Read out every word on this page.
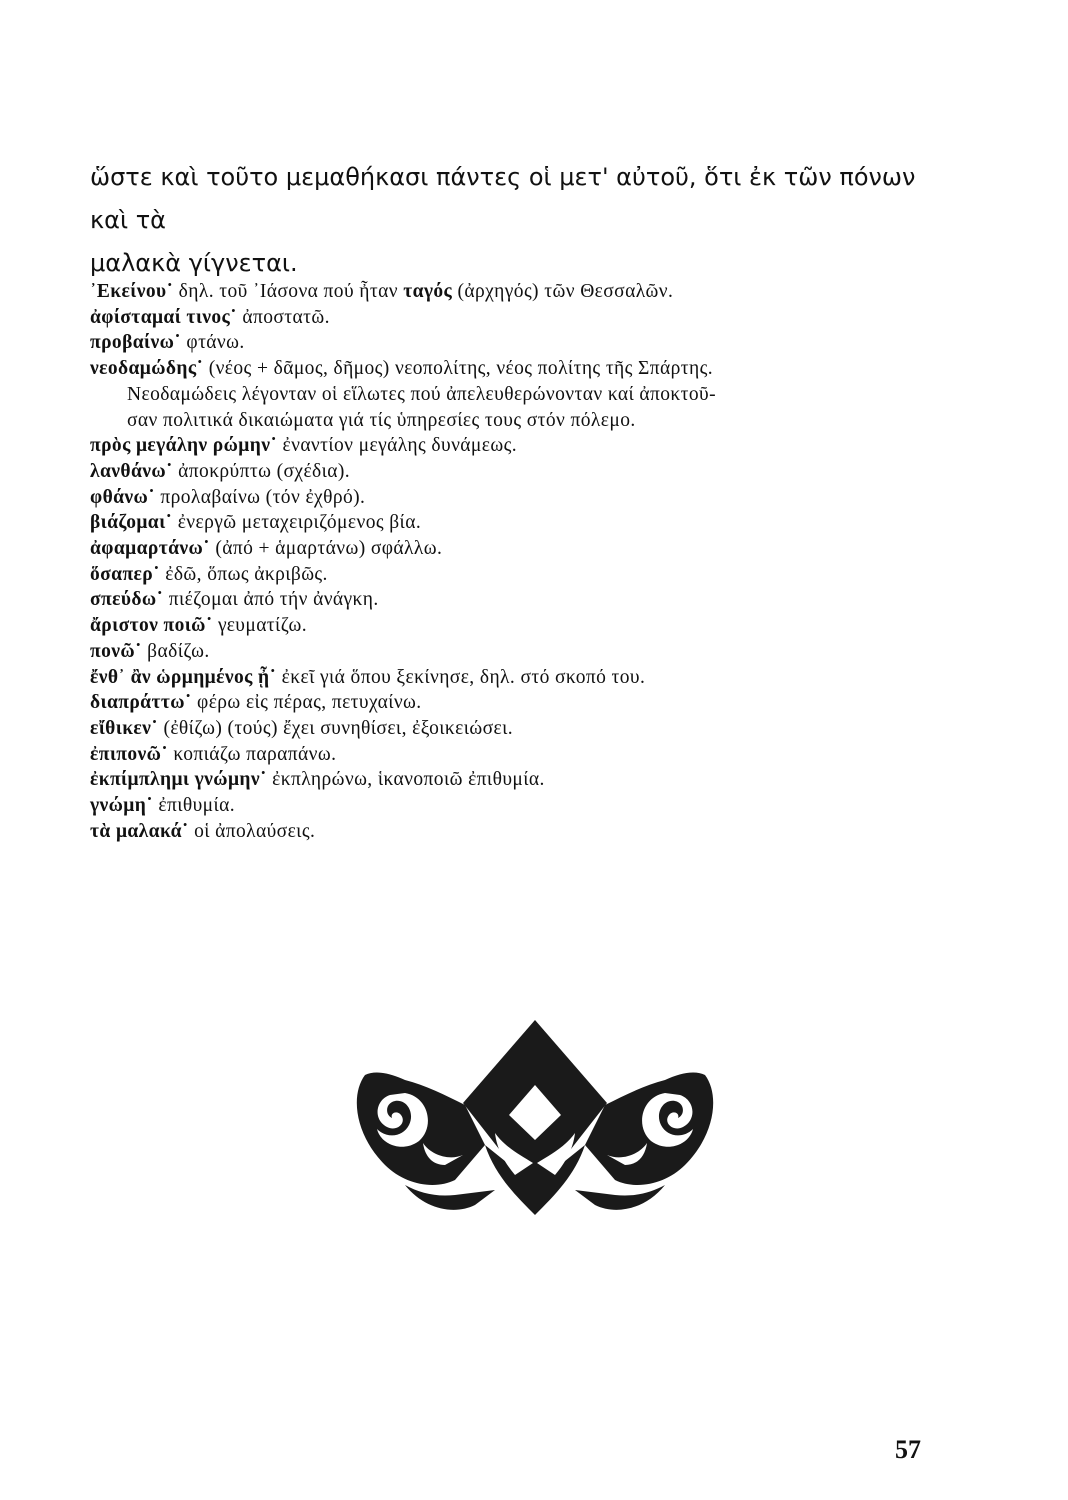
ὥστε καὶ τοῦτο μεμαθήκασι πάντες οἱ μετ' αὐτοῦ, ὅτι ἐκ τῶν πόνων καὶ τὰ
μαλακὰ γίγνεται.
᾿Εκείνου˙ δηλ. τοῦ ᾿Ιάσονα πού ἦταν ταγός (ἀρχηγός) τῶν Θεσσαλῶν.
ἀφίσταμαί τινος˙ ἀποστατῶ.
προβαίνω˙ φτάνω.
νεοδαμώδης˙ (νέος + δᾶμος, δῆμος) νεοπολίτης, νέος πολίτης τῆς Σπάρτης.
Νεοδαμώδεις λέγονταν οἱ εἵλωτες πού ἀπελευθερώνονταν καί ἀποκτοῦ-
σαν πολιτικά δικαιώματα γιά τίς ὑπηρεσίες τους στόν πόλεμο.
πρὸς μεγάλην ρώμην˙ ἐναντίον μεγάλης δυνάμεως.
λανθάνω˙ ἀποκρύπτω (σχέδια).
φθάνω˙ προλαβαίνω (τόν ἐχθρό).
βιάζομαι˙ ἐνεργῶ μεταχειριζόμενος βία.
ἀφαμαρτάνω˙ (ἀπό + ἁμαρτάνω) σφάλλω.
ὅσαπερ˙ ἐδῶ, ὅπως ἀκριβῶς.
σπεύδω˙ πιέζομαι ἀπό τήν ἀνάγκη.
ἄριστον ποιῶ˙ γευματίζω.
πονῶ˙ βαδίζω.
ἔνθ᾿ ἂν ὡρμημένος ᾖ˙ ἐκεῖ γιά ὅπου ξεκίνησε, δηλ. στό σκοπό του.
διαπράττω˙ φέρω εἰς πέρας, πετυχαίνω.
εἴθικεν˙ (ἐθίζω) (τούς) ἔχει συνηθίσει, ἐξοικειώσει.
ἐπιπονῶ˙ κοπιάζω παραπάνω.
ἐκπίμπλημι γνώμην˙ ἐκπληρώνω, ἱκανοποιῶ ἐπιθυμία.
γνώμη˙ ἐπιθυμία.
τὰ μαλακά˙ οἱ ἀπολαύσεις.
57
